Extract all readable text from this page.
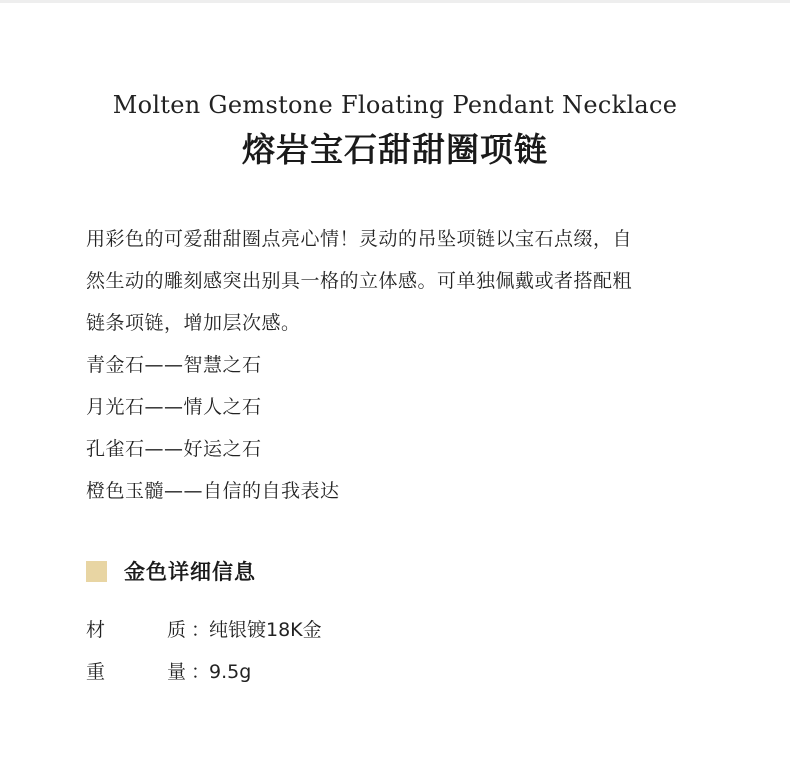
Molten Gemstone Floating Pendant Necklace
熔岩宝石甜甜圈项链

用彩色的可爱甜甜圈点亮心情！灵动的吊坠项链以宝石点缀，自

然生动的雕刻感突出别具一格的立体感。可单独佩戴或者搭配粗

链条项链，增加层次感。

青金石——智慧之石
月光石——情人之石
孔雀石——好运之石
橙色玉髓——自信的自我表达
金色详细信息
材	质 ：
纯银镀18K金
重	量 ：
9.5g
